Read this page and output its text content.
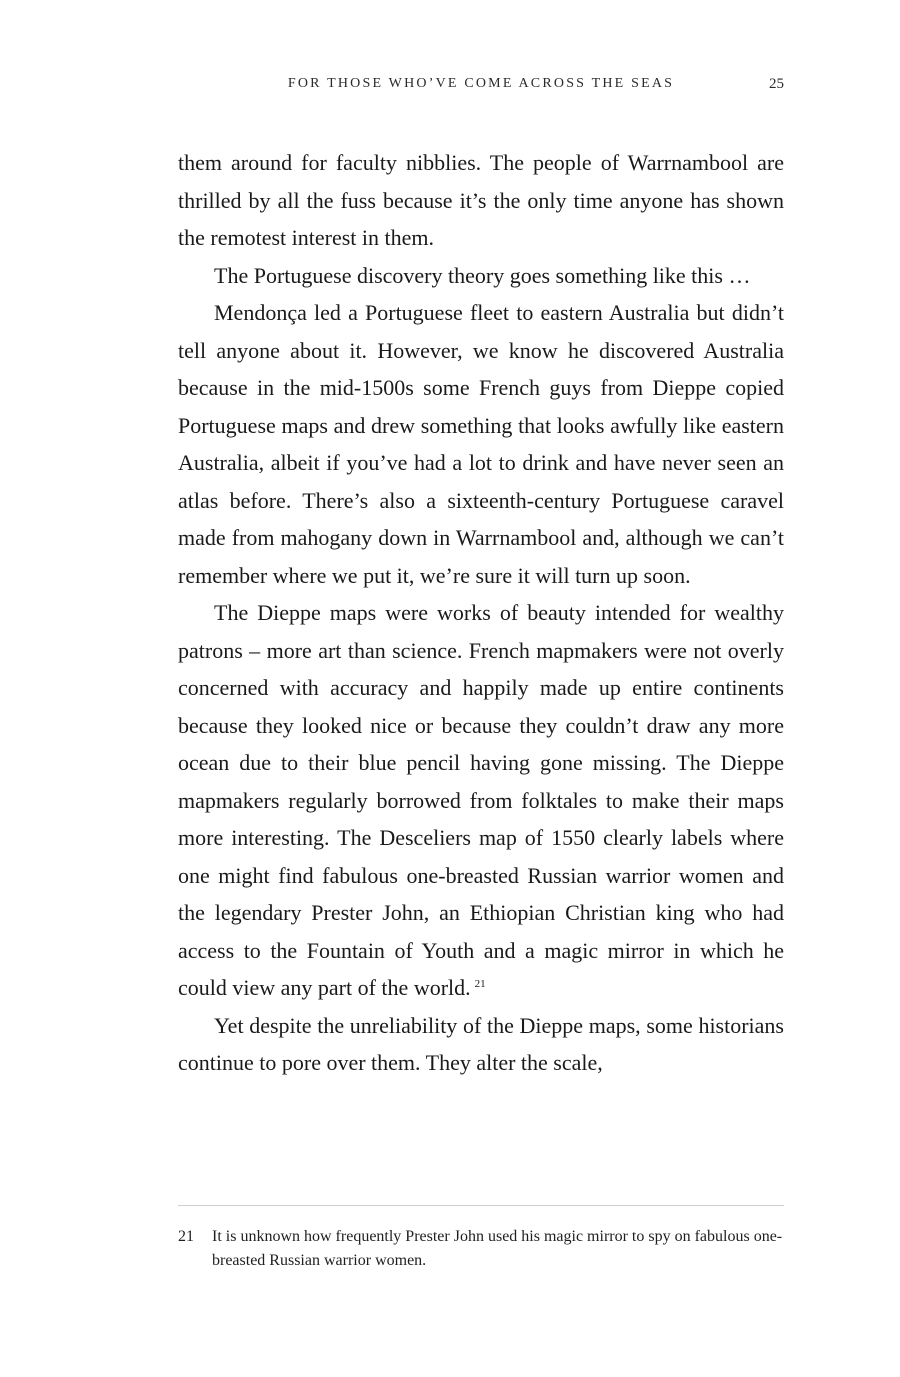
FOR THOSE WHO’VE COME ACROSS THE SEAS	25

them around for faculty nibblies. The people of Warrnambool are thrilled by all the fuss because it’s the only time anyone has shown the remotest interest in them.

The Portuguese discovery theory goes something like this …

Mendonça led a Portuguese fleet to eastern Australia but didn’t tell anyone about it. However, we know he discovered Australia because in the mid-1500s some French guys from Dieppe copied Portuguese maps and drew something that looks awfully like eastern Australia, albeit if you’ve had a lot to drink and have never seen an atlas before. There’s also a sixteenth-century Portuguese caravel made from mahogany down in Warrnambool and, although we can’t remember where we put it, we’re sure it will turn up soon.

The Dieppe maps were works of beauty intended for wealthy patrons – more art than science. French mapmakers were not overly concerned with accuracy and happily made up entire continents because they looked nice or because they couldn’t draw any more ocean due to their blue pencil having gone missing. The Dieppe mapmakers regularly borrowed from folktales to make their maps more interesting. The Desceliers map of 1550 clearly labels where one might find fabulous one-breasted Russian warrior women and the legendary Prester John, an Ethiopian Christian king who had access to the Fountain of Youth and a magic mirror in which he could view any part of the world. $^{21}$

Yet despite the unreliability of the Dieppe maps, some historians continue to pore over them. They alter the scale,

21 It is unknown how frequently Prester John used his magic mirror to spy on fabulous one-breasted Russian warrior women.
